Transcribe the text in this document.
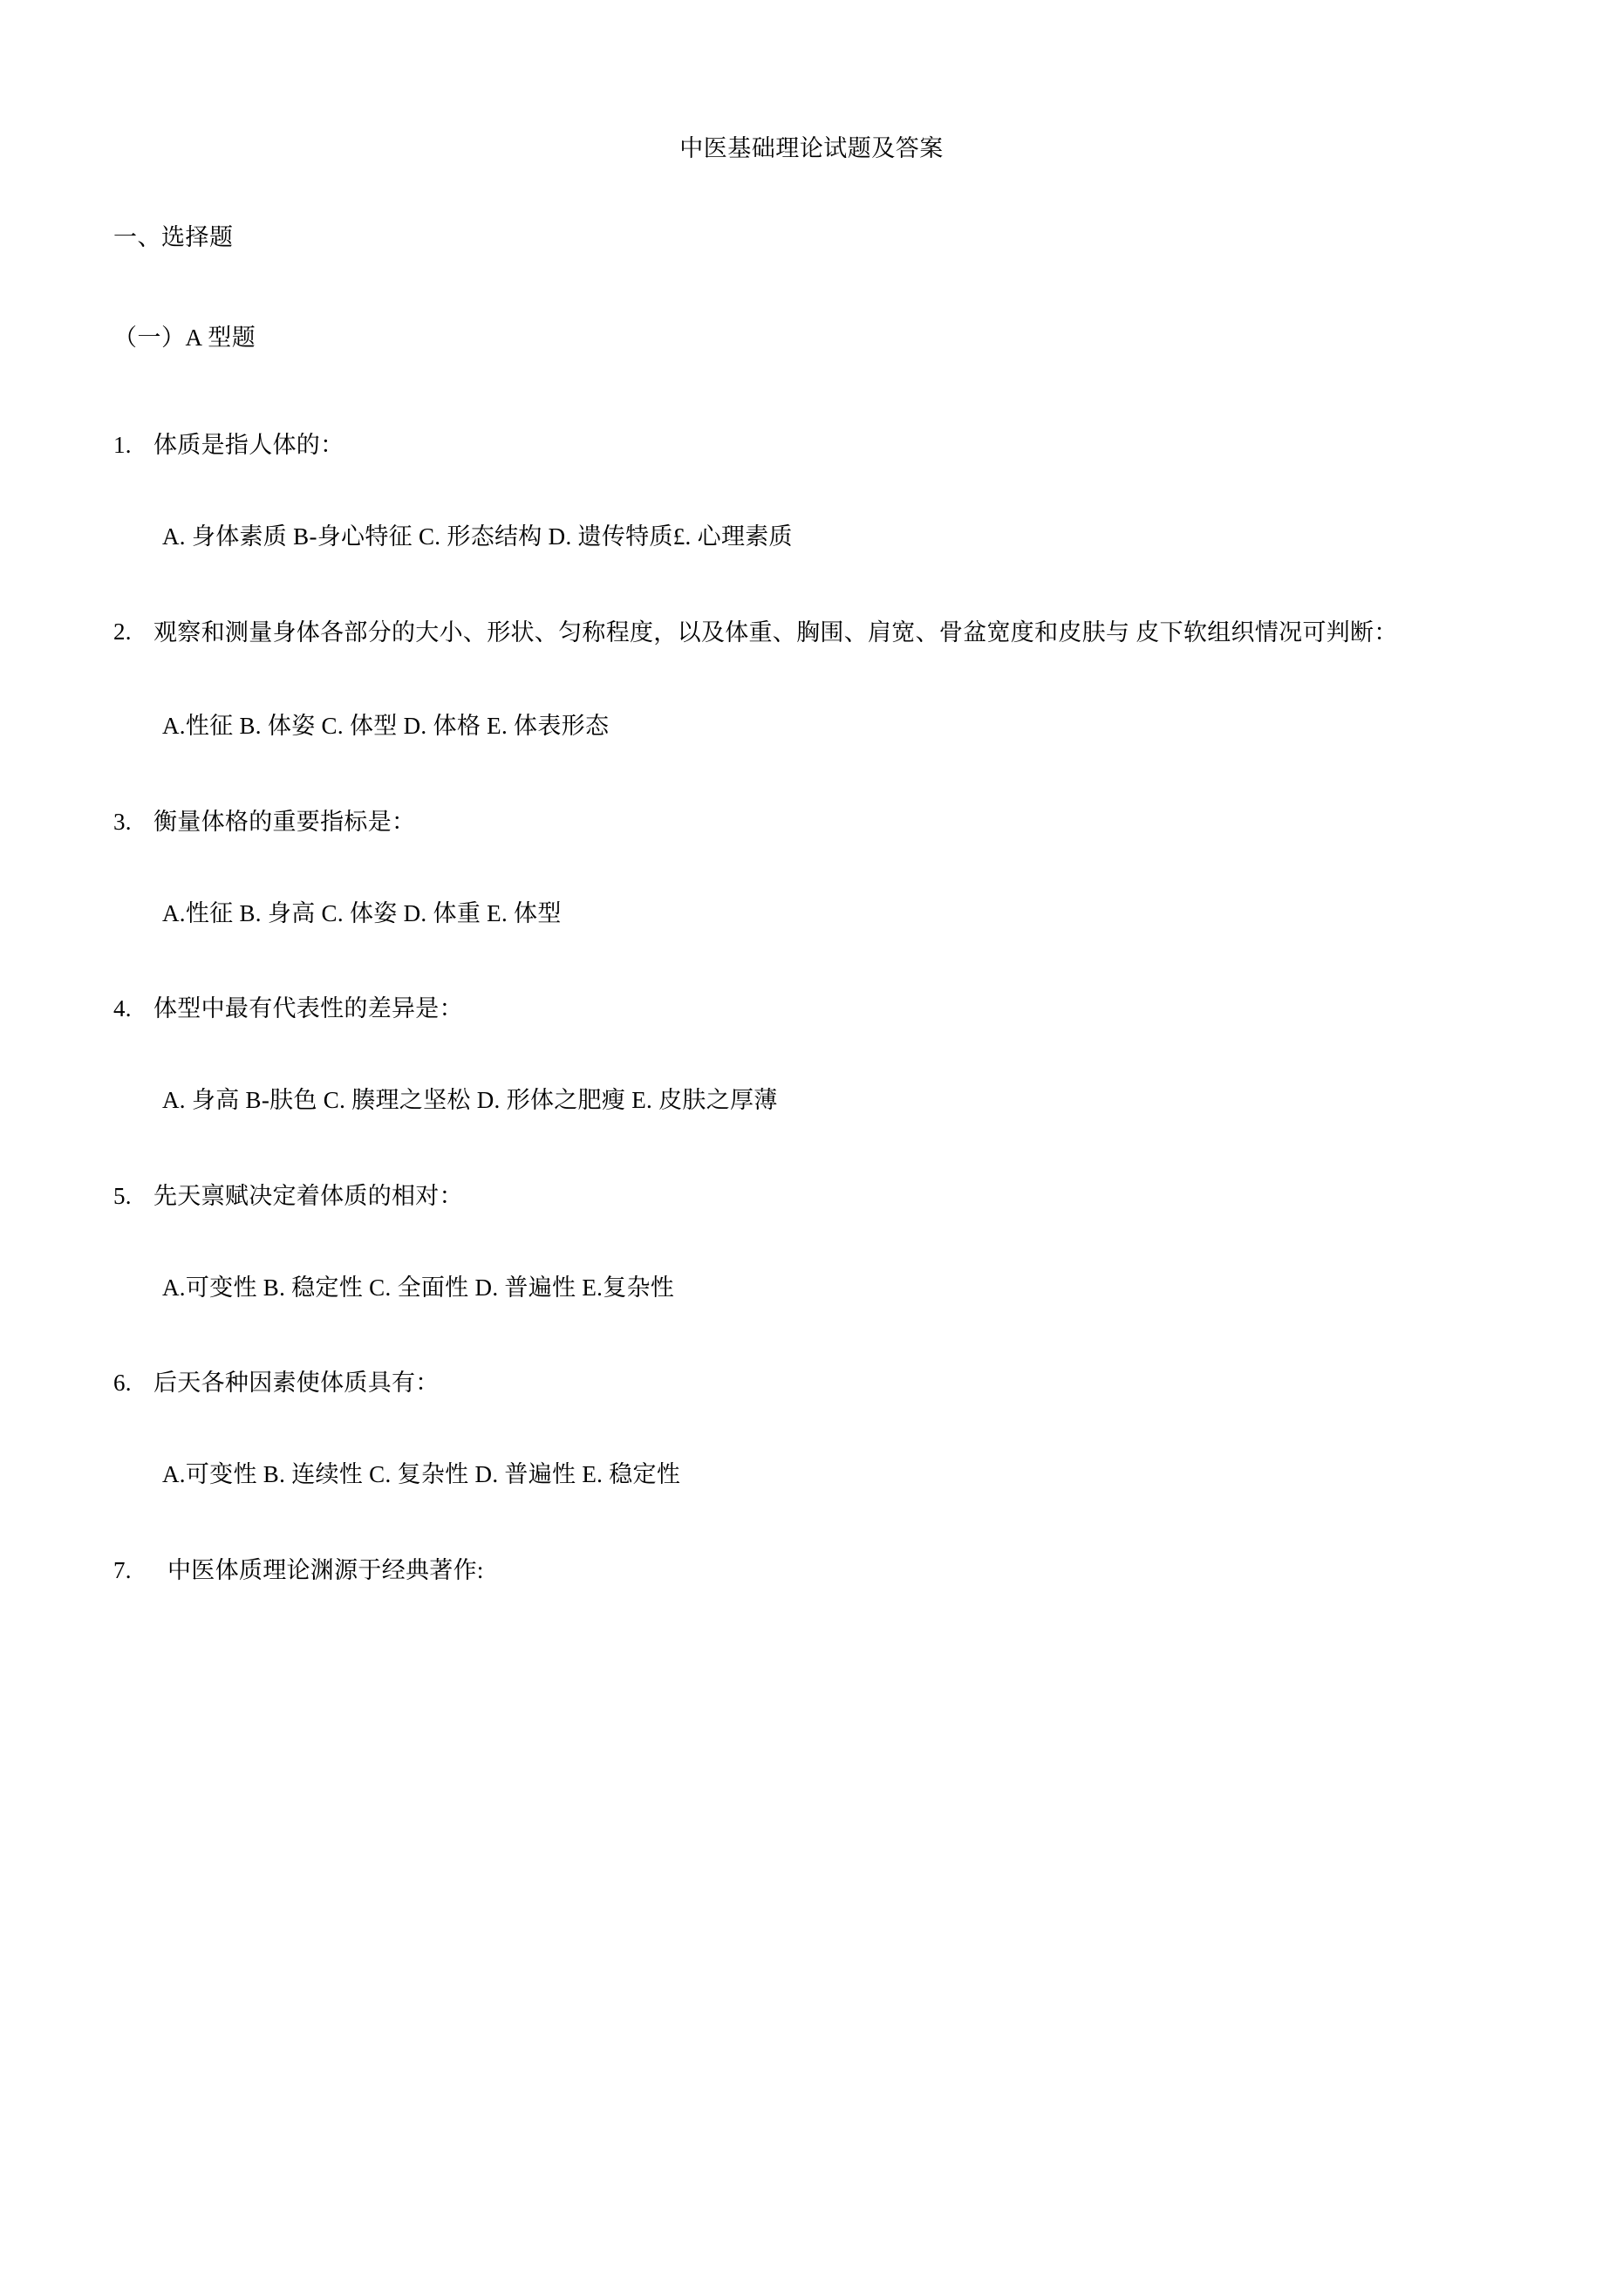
中医基础理论试题及答案
一、选择题
（一）A 型题
1. 体质是指人体的：
A. 身体素质 B-身心特征 C. 形态结构 D. 遗传特质£. 心理素质
2. 观察和测量身体各部分的大小、形状、匀称程度，以及体重、胸围、肩宽、骨盆宽度和皮肤与 皮下软组织情况可判断：
A.性征 B. 体姿 C. 体型 D. 体格 E. 体表形态
3. 衡量体格的重要指标是：
A.性征 B. 身高 C. 体姿 D. 体重 E. 体型
4. 体型中最有代表性的差异是：
A. 身高 B-肤色 C. 腠理之坚松 D. 形体之肥瘦 E. 皮肤之厚薄
5. 先天禀赋决定着体质的相对：
A.可变性 B. 稳定性 C. 全面性 D. 普遍性 E.复杂性
6. 后天各种因素使体质具有：
A.可变性 B. 连续性 C. 复杂性 D. 普遍性 E. 稳定性
7.	中医体质理论渊源于经典著作:
